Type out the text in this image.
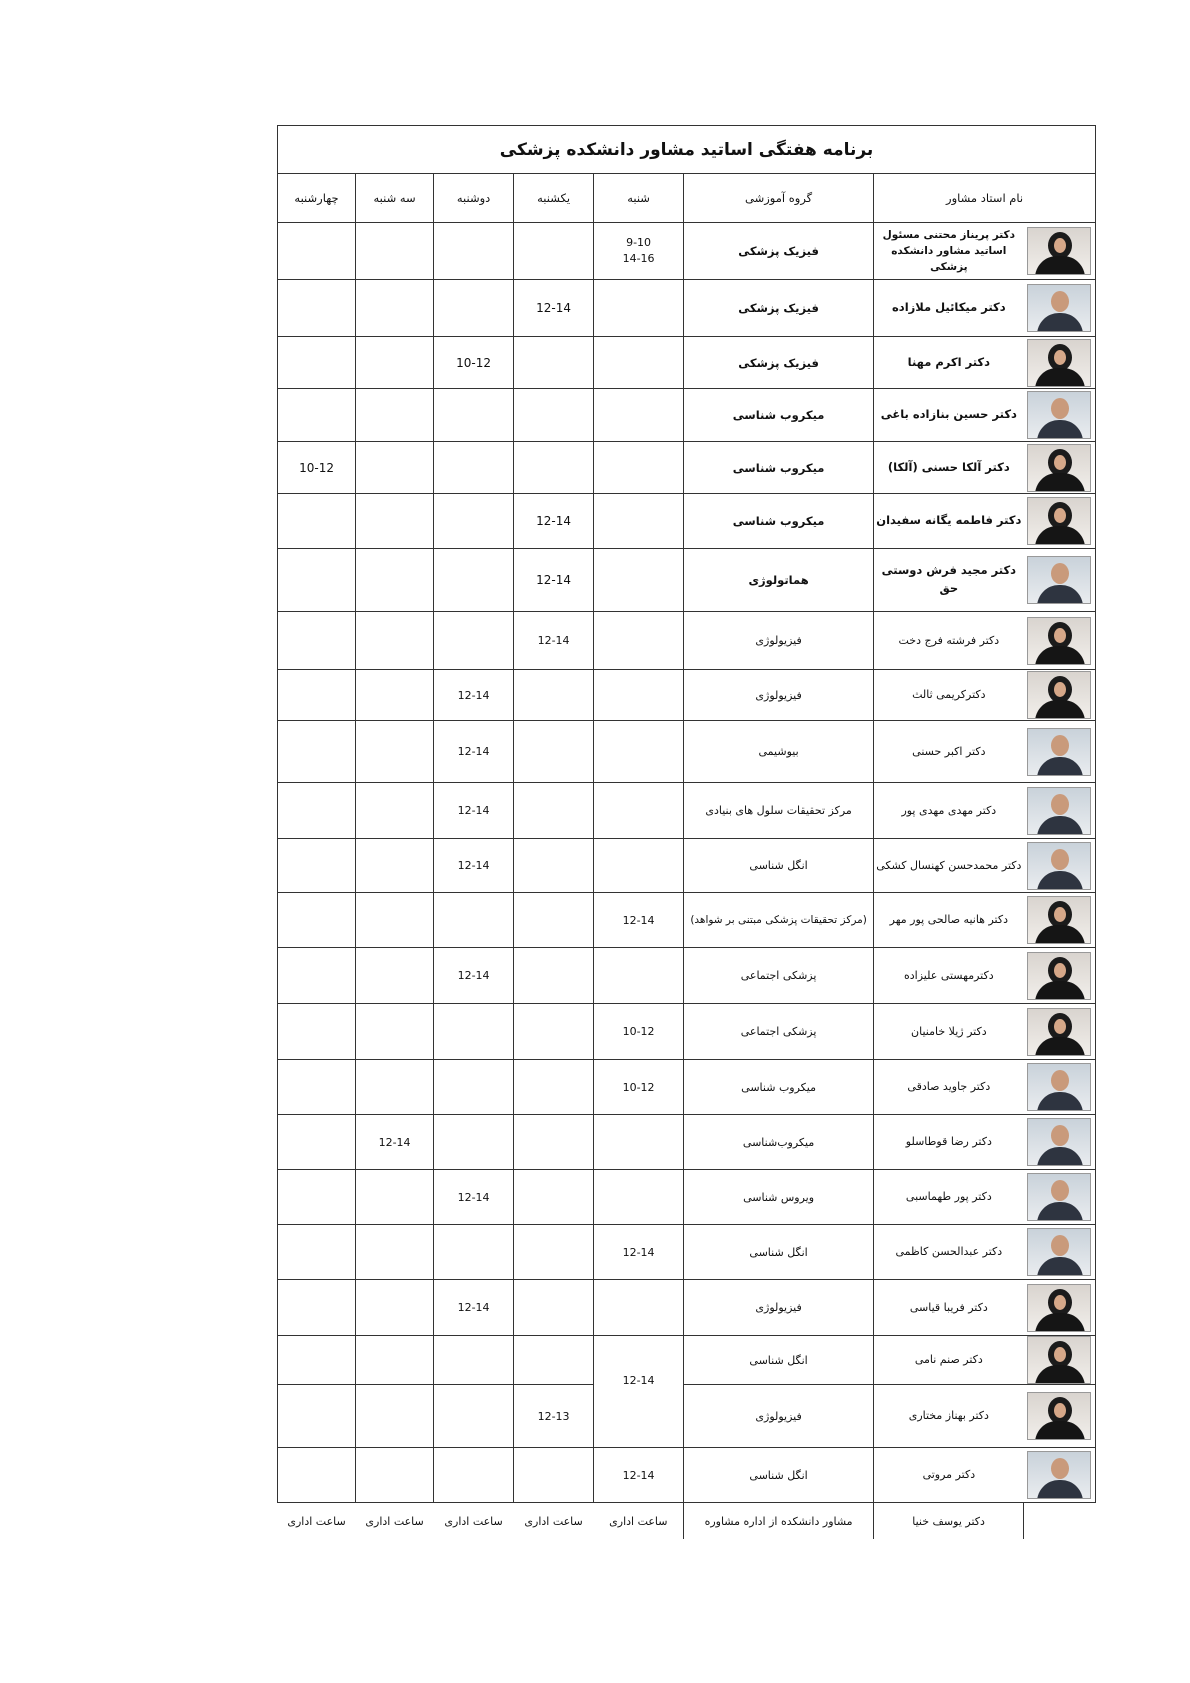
برنامه هفتگی اساتید مشاور دانشکده پزشکی							
نام استاد مشاور		گروه آموزشی	شنبه	یکشنبه	دوشنبه	سه شنبه	چهارشنبه

	دکتر پریناز محتنی مسئول اساتید مشاور دانشکده پزشکی	فیزیک پزشکی	9-10
14-16				

	دکتر میکائیل ملازاده	فیزیک پزشکی		12-14			

	دکتر اکرم مهنا	فیزیک پزشکی			10-12		

	دکتر حسین بنازاده باغی	میکروب شناسی					

	دکتر آلکا حسنی (آلکا)	میکروب شناسی					10-12

	دکتر فاطمه یگانه سفیدان	میکروب شناسی		12-14			

	دکتر مجید فرش دوستی حق	هماتولوژی		12-14			

	دکتر فرشته فرج دخت	فیزیولوژی		12-14			

	دکترکریمی ثالث	فیزیولوژی			12-14		

	دکتر اکبر حسنی	بیوشیمی			12-14		

	دکتر مهدی مهدی پور	مرکز تحقیقات سلول های بنیادی			12-14		

	دکتر محمدحسن کهنسال کشکی	انگل شناسی			12-14		

	دکتر هانیه صالحی پور مهر	(مرکز تحقیقات پزشکی مبتنی بر شواهد)	12-14				

	دکترمهستی علیزاده	پزشکی اجتماعی			12-14		

	دکتر ژیلا خامنیان	پزشکی اجتماعی	10-12				

	دکتر جاوید صادقی	میکروب شناسی	10-12				

	دکتر رضا قوطاسلو	میکروب‌شناسی				12-14	

	دکتر پور طهماسبی	ویروس شناسی			12-14		

	دکتر عبدالحسن کاظمی	انگل شناسی	12-14				

	دکتر فریبا قیاسی	فیزیولوژی			12-14		

	دکتر صنم نامی	انگل شناسی	12-14				

	دکتر بهناز مختاری	فیزیولوژی		12-13			

	دکتر مروتی	انگل شناسی	12-14				
	دکتر یوسف خنیا	مشاور دانشکده از اداره مشاوره	ساعت اداری	ساعت اداری	ساعت اداری	ساعت اداری	ساعت اداری
